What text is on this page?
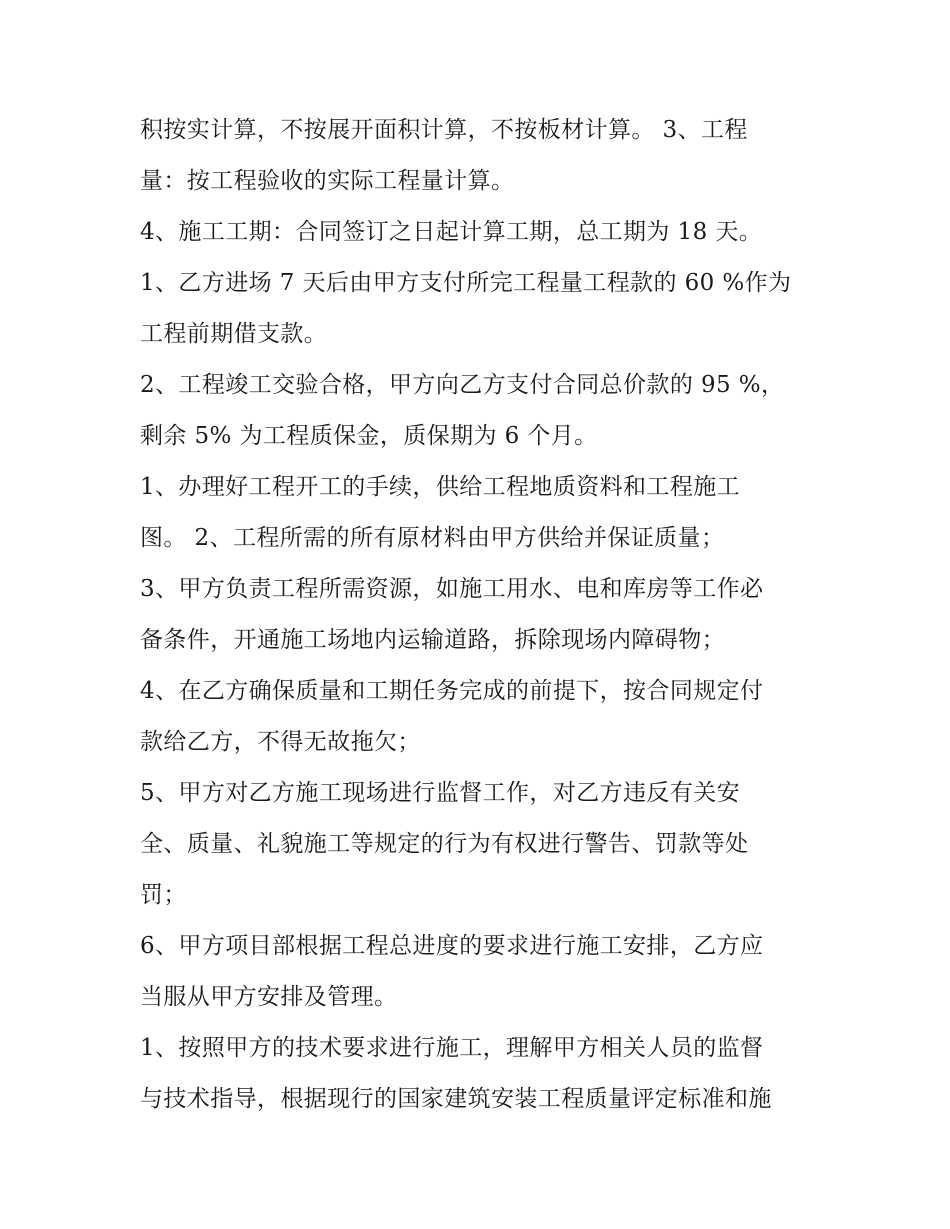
积按实计算，不按展开面积计算，不按板材计算。 3、工程
量：按工程验收的实际工程量计算。
4、施工工期：合同签订之日起计算工期，总工期为 18 天。
1、乙方进场 7 天后由甲方支付所完工程量工程款的 60 %作为
工程前期借支款。
2、工程竣工交验合格，甲方向乙方支付合同总价款的 95 %，
剩余 5% 为工程质保金，质保期为 6 个月。
1、办理好工程开工的手续，供给工程地质资料和工程施工
图。 2、工程所需的所有原材料由甲方供给并保证质量；
3、甲方负责工程所需资源，如施工用水、电和库房等工作必
备条件，开通施工场地内运输道路，拆除现场内障碍物；
4、在乙方确保质量和工期任务完成的前提下，按合同规定付
款给乙方，不得无故拖欠；
5、甲方对乙方施工现场进行监督工作，对乙方违反有关安
全、质量、礼貌施工等规定的行为有权进行警告、罚款等处
罚；
6、甲方项目部根据工程总进度的要求进行施工安排，乙方应
当服从甲方安排及管理。
1、按照甲方的技术要求进行施工，理解甲方相关人员的监督
与技术指导，根据现行的国家建筑安装工程质量评定标准和施
